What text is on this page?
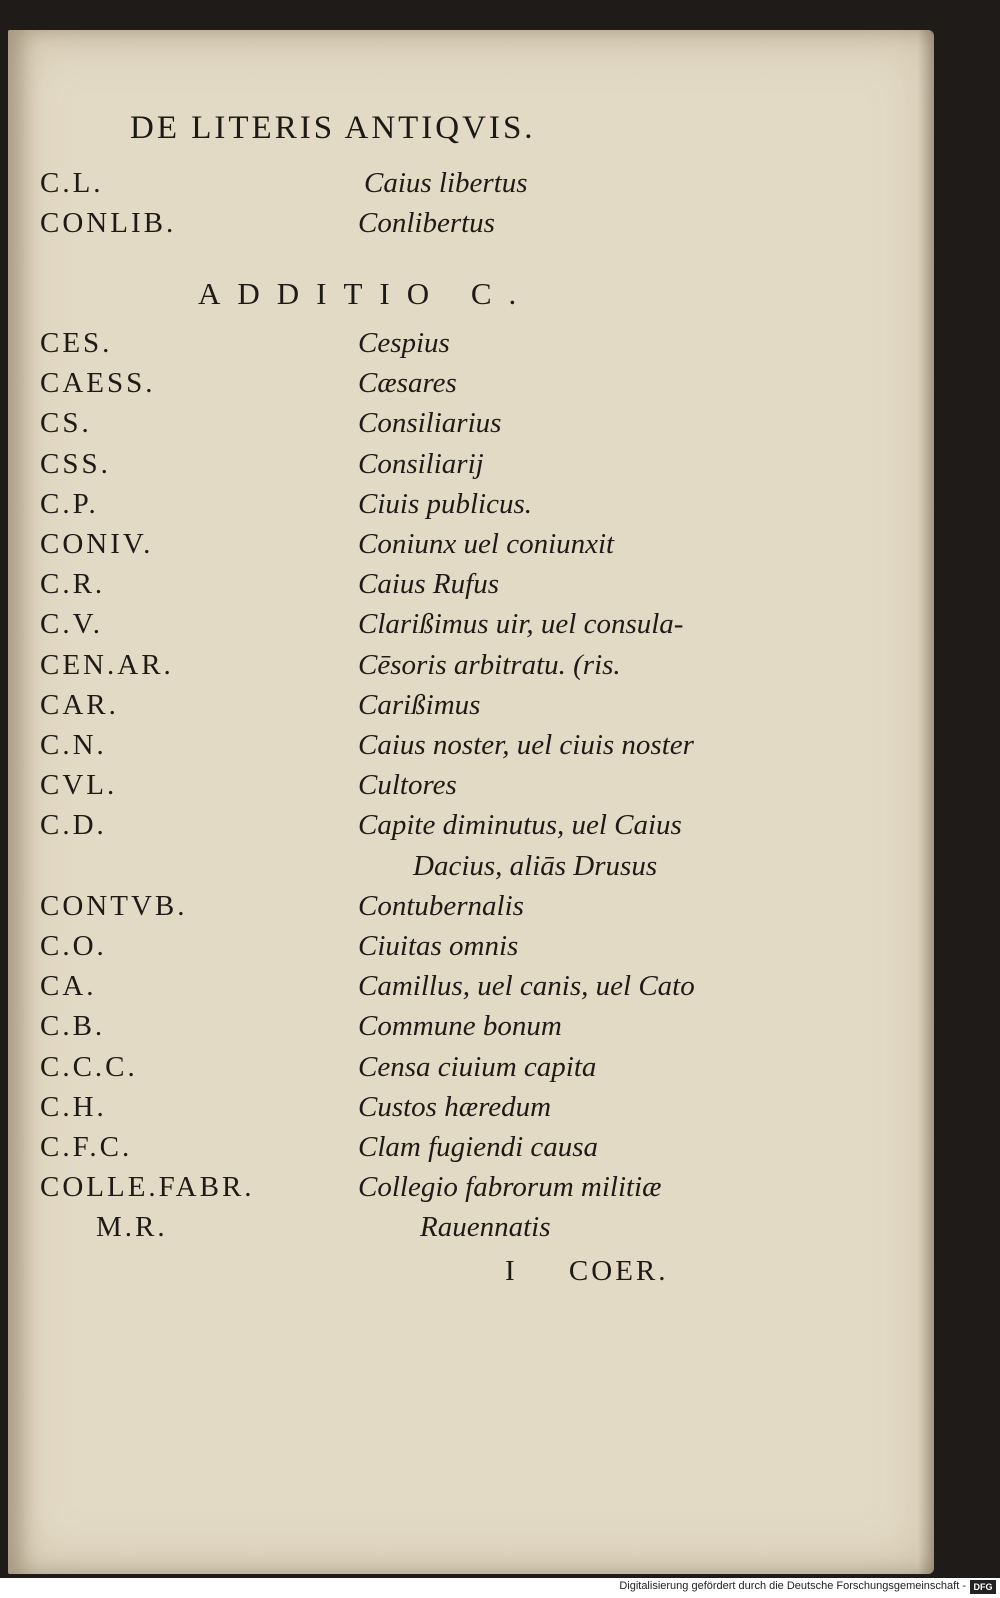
DE LITERIS ANTIQVIS.
C.L.	Caius libertus
CONLIB.	Conlibertus
ADDITIO C.
CES.	Cespius
CAESS.	Cæsares
CS.	Consiliarius
CSS.	Consiliarij
C.P.	Ciuis publicus.
CONIV.	Coniunx uel coniunxit
C.R.	Caius Rufus
C.V.	Clarißimus uir, uel consula-
CEN.AR.	Cēsoris arbitratu. (ris.
CAR.	Carißimus
C.N.	Caius noster, uel ciuis noster
CVL.	Cultores
C.D.	Capite diminutus, uel Caius
Dacius, aliās Drusus
CONTVB.	Contubernalis
C.O.	Ciuitas omnis
CA.	Camillus, uel canis, uel Cato
C.B.	Commune bonum
C.C.C.	Censa ciuium capita
C.H.	Custos hæredum
C.F.C.	Clam fugiendi causa
COLLE.FABR.	Collegio fabrorum militiæ
M.R.	Rauennatis
I     COER.
Digitalisierung gefördert durch die Deutsche Forschungsgemeinschaft - DFG
